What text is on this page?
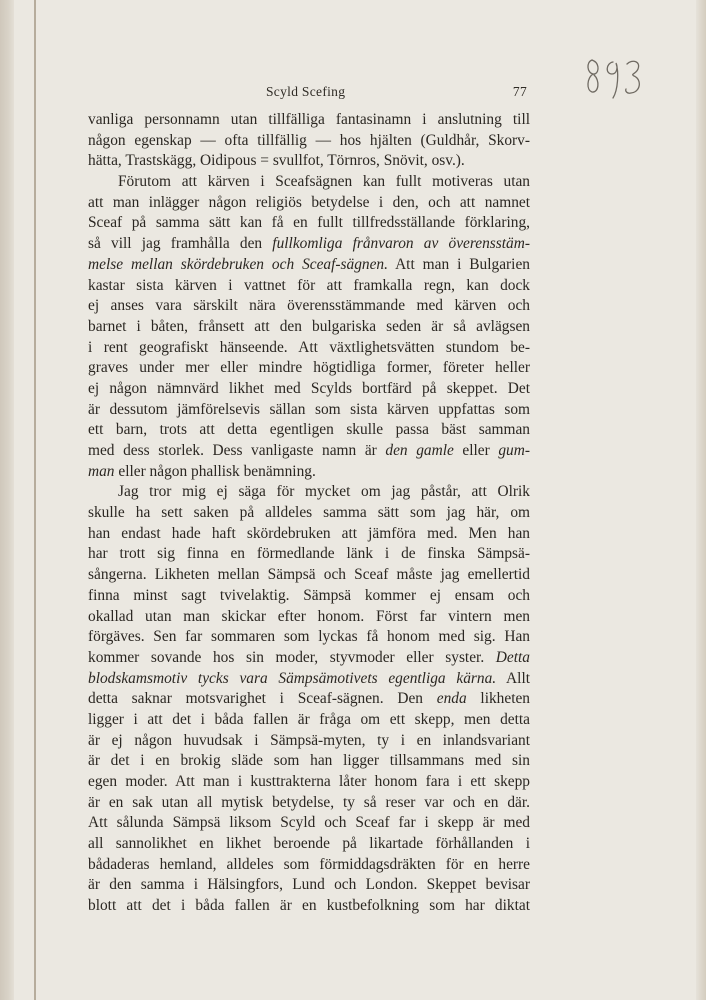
Scyld Scefing	77
vanliga personnamn utan tillfälliga fantasinamn i anslutning till
någon egenskap — ofta tillfällig — hos hjälten (Guldhår, Skorv-
hätta, Trastskägg, Oidipous = svullfot, Törnros, Snövit, osv.).
Förutom att kärven i Sceafsägnen kan fullt motiveras utan
att man inlägger någon religiös betydelse i den, och att namnet
Sceaf på samma sätt kan få en fullt tillfredsställande förklaring,
så vill jag framhålla den fullkomliga frånvaron av överensstäm-
melse mellan skördebruken och Sceaf-sägnen. Att man i Bulgarien
kastar sista kärven i vattnet för att framkalla regn, kan dock
ej anses vara särskilt nära överensstämmande med kärven och
barnet i båten, frånsett att den bulgariska seden är så avlägsen
i rent geografiskt hänseende. Att växtlighetsvätten stundom be-
graves under mer eller mindre högtidliga former, företer heller
ej någon nämnvärd likhet med Scylds bortfärd på skeppet. Det
är dessutom jämförelsevis sällan som sista kärven uppfattas som
ett barn, trots att detta egentligen skulle passa bäst samman
med dess storlek. Dess vanligaste namn är den gamle eller gum-
man eller någon phallisk benämning.
Jag tror mig ej säga för mycket om jag påstår, att Olrik
skulle ha sett saken på alldeles samma sätt som jag här, om
han endast hade haft skördebruken att jämföra med. Men han
har trott sig finna en förmedlande länk i de finska Sämpsä-
sångerna. Likheten mellan Sämpsä och Sceaf måste jag emellertid
finna minst sagt tvivelaktig. Sämpsä kommer ej ensam och
okallad utan man skickar efter honom. Först far vintern men
förgäves. Sen far sommaren som lyckas få honom med sig. Han
kommer sovande hos sin moder, styvmoder eller syster. Detta
blodskamsmotiv tycks vara Sämpsämotivets egentliga kärna. Allt
detta saknar motsvarighet i Sceaf-sägnen. Den enda likheten
ligger i att det i båda fallen är fråga om ett skepp, men detta
är ej någon huvudsak i Sämpsä-myten, ty i en inlandsvariant
är det i en brokig släde som han ligger tillsammans med sin
egen moder. Att man i kusttrakterna låter honom fara i ett skepp
är en sak utan all mytisk betydelse, ty så reser var och en där.
Att sålunda Sämpsä liksom Scyld och Sceaf far i skepp är med
all sannolikhet en likhet beroende på likartade förhållanden i
bådaderas hemland, alldeles som förmiddagsdräkten för en herre
är den samma i Hälsingfors, Lund och London. Skeppet bevisar
blott att det i båda fallen är en kustbefolkning som har diktat
